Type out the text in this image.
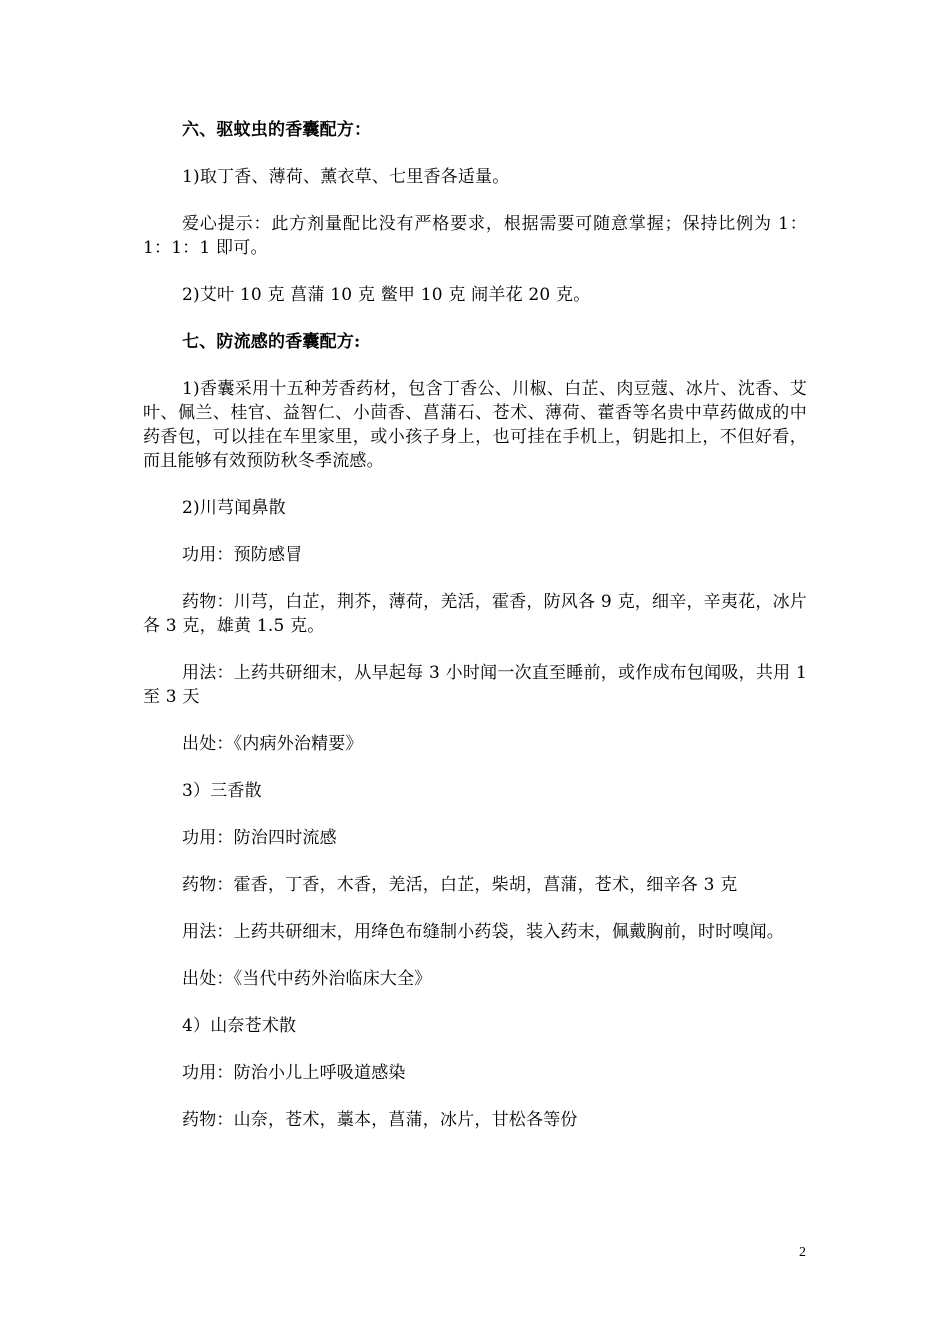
六、驱蚊虫的香囊配方：

1)取丁香、薄荷、薰衣草、七里香各适量。

爱心提示：此方剂量配比没有严格要求，根据需要可随意掌握；保持比例为 1：1：1：1 即可。

2)艾叶 10 克 菖蒲 10 克 鳖甲 10 克 闹羊花 20 克。

七、防流感的香囊配方:

1)香囊采用十五种芳香药材，包含丁香公、川椒、白芷、肉豆蔻、冰片、沈香、艾叶、佩兰、桂官、益智仁、小茴香、菖蒲石、苍术、薄荷、藿香等名贵中草药做成的中药香包，可以挂在车里家里，或小孩子身上，也可挂在手机上，钥匙扣上，不但好看，而且能够有效预防秋冬季流感。

2)川芎闻鼻散

功用：预防感冒

药物：川芎，白芷，荆芥，薄荷，羌活，霍香，防风各 9 克，细辛，辛夷花，冰片各 3 克，雄黄 1.5 克。

用法：上药共研细末，从早起每 3 小时闻一次直至睡前，或作成布包闻吸，共用 1 至 3 天

出处：《内病外治精要》

3）三香散

功用：防治四时流感

药物：霍香，丁香，木香，羌活，白芷，柴胡，菖蒲，苍术，细辛各 3 克

用法：上药共研细末，用绛色布缝制小药袋，装入药末，佩戴胸前，时时嗅闻。

出处：《当代中药外治临床大全》

4）山奈苍术散

功用：防治小儿上呼吸道感染

药物：山奈，苍术，藁本，菖蒲，冰片，甘松各等份

2
